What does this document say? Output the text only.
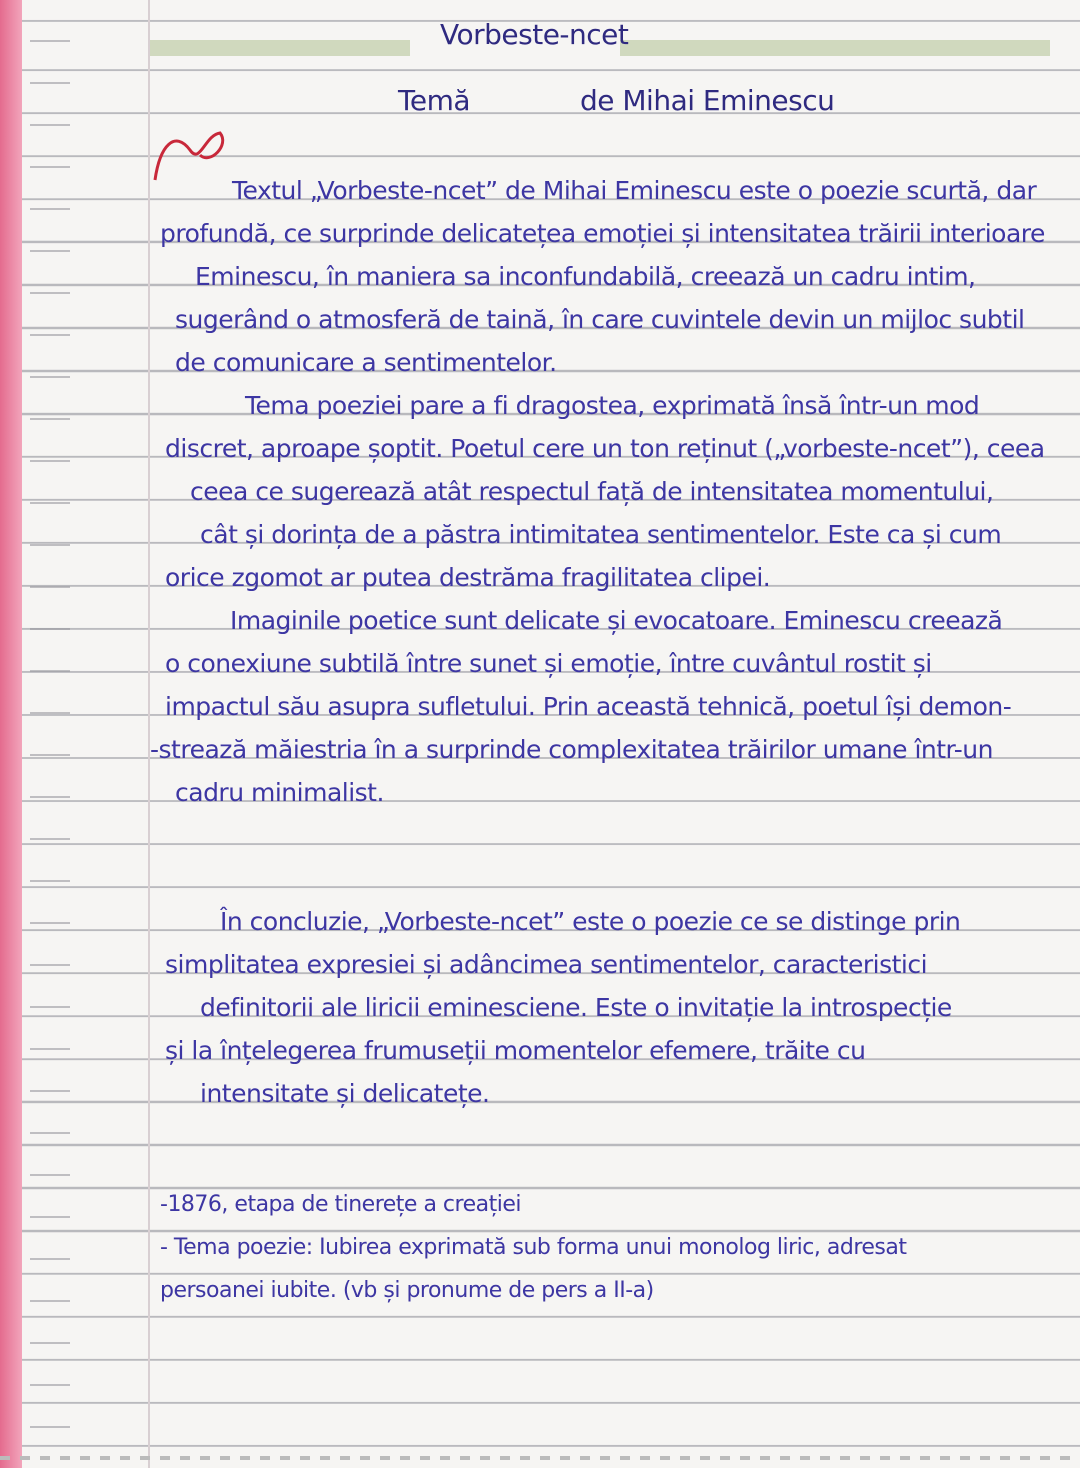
Vorbeste-ncet
Temă	de Mihai Eminescu
Textul „Vorbeste-ncet” de Mihai Eminescu este o poezie scurtă, dar
profundă, ce surprinde delicatețea emoției și intensitatea trăirii interioare
Eminescu, în maniera sa inconfundabilă, creează un cadru intim,
sugerând o atmosferă de taină, în care cuvintele devin un mijloc subtil
de comunicare a sentimentelor.
Tema poeziei pare a fi dragostea, exprimată însă într-un mod
discret, aproape șoptit. Poetul cere un ton reținut („vorbeste-ncet”), ceea
ceea ce sugerează atât respectul față de intensitatea momentului,
cât și dorința de a păstra intimitatea sentimentelor. Este ca și cum
orice zgomot ar putea destrăma fragilitatea clipei.
Imaginile poetice sunt delicate și evocatoare. Eminescu creează
o conexiune subtilă între sunet și emoție, între cuvântul rostit și
impactul său asupra sufletului. Prin această tehnică, poetul își demon-
-strează măiestria în a surprinde complexitatea trăirilor umane într-un
cadru minimalist.
În concluzie, „Vorbeste-ncet” este o poezie ce se distinge prin
simplitatea expresiei și adâncimea sentimentelor, caracteristici
definitorii ale liricii eminesciene. Este o invitație la introspecție
și la înțelegerea frumuseții momentelor efemere, trăite cu
intensitate și delicatețe.
-1876, etapa de tinerețe a creației
- Tema poezie: Iubirea exprimată sub forma unui monolog liric, adresat
persoanei iubite. (vb și pronume de pers a II-a)
